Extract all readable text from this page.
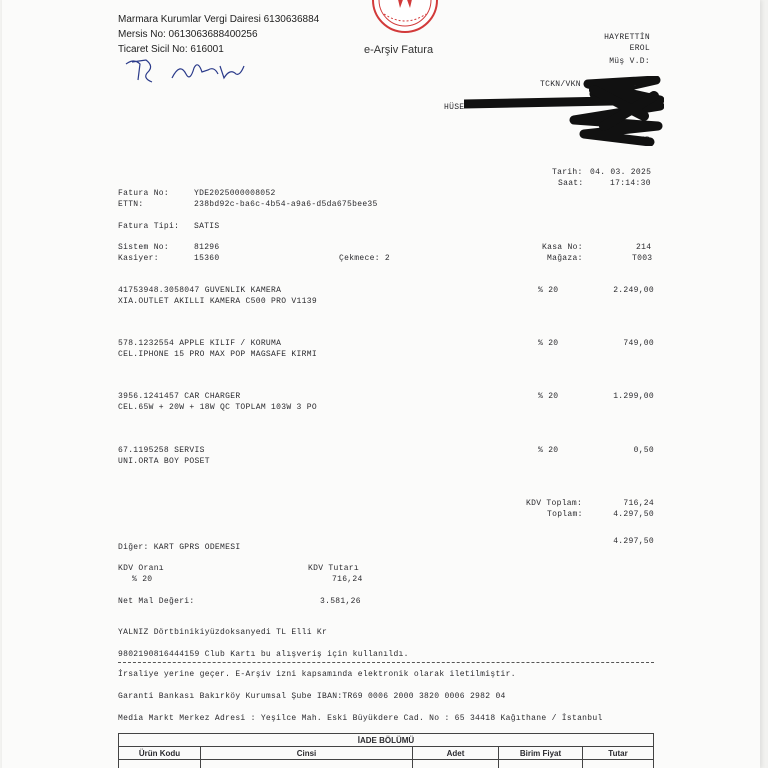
Marmara Kurumlar Vergi Dairesi 6130636884
Mersis No: 0613063688400256
Ticaret Sicil No: 616001	e-Arşiv Fatura
HAYRETTİN
EROL
Müş V.D:
TCKN/VKN
HÜSE
TR
Tarih: 04. 03. 2025
Saat:	17:14:30
Fatura No:	YDE2025000008052
ETTN:	238bd92c-ba6c-4b54-a9a6-d5da675bee35
Fatura Tipi: SATIS
Sistem No:	81296
Kasiyer:	15360	Çekmece: 2
Kasa No:	214
Mağaza:	T003
41753948.3058047 GUVENLIK KAMERA
XIA.OUTLET AKILLI KAMERA C500 PRO V1139
% 20	2.249,00
578.1232554 APPLE KILIF / KORUMA
CEL.IPHONE 15 PRO MAX POP MAGSAFE KIRMI
% 20	749,00
3956.1241457 CAR CHARGER
CEL.65W + 20W + 18W QC TOPLAM 103W 3 PO
% 20	1.299,00
67.1195258 SERVIS
UNI.ORTA BOY POSET
% 20	0,50
KDV Toplam:	716,24
Toplam:	4.297,50
4.297,50
Diğer: KART GPRS ODEMESI
KDV Oranı	KDV Tutarı
% 20	716,24
Net Mal Değeri:	3.581,26
YALNIZ Dörtbinikiyüzdoksanyedi TL Elli Kr
9802190816444159 Club Kartı bu alışveriş için kullanıldı.
İrsaliye yerine geçer. E-Arşiv izni kapsamında elektronik olarak iletilmiştir.
Garanti Bankası Bakırköy Kurumsal Şube IBAN:TR69 0006 2000 3820 0006 2982 04
Media Markt Merkez Adresi : Yeşilce Mah. Eski Büyükdere Cad. No : 65 34418 Kağıthane / İstanbul
İADE BÖLÜMÜ				
Ürün Kodu	Cinsi	Adet	Birim Fiyat	Tutar
